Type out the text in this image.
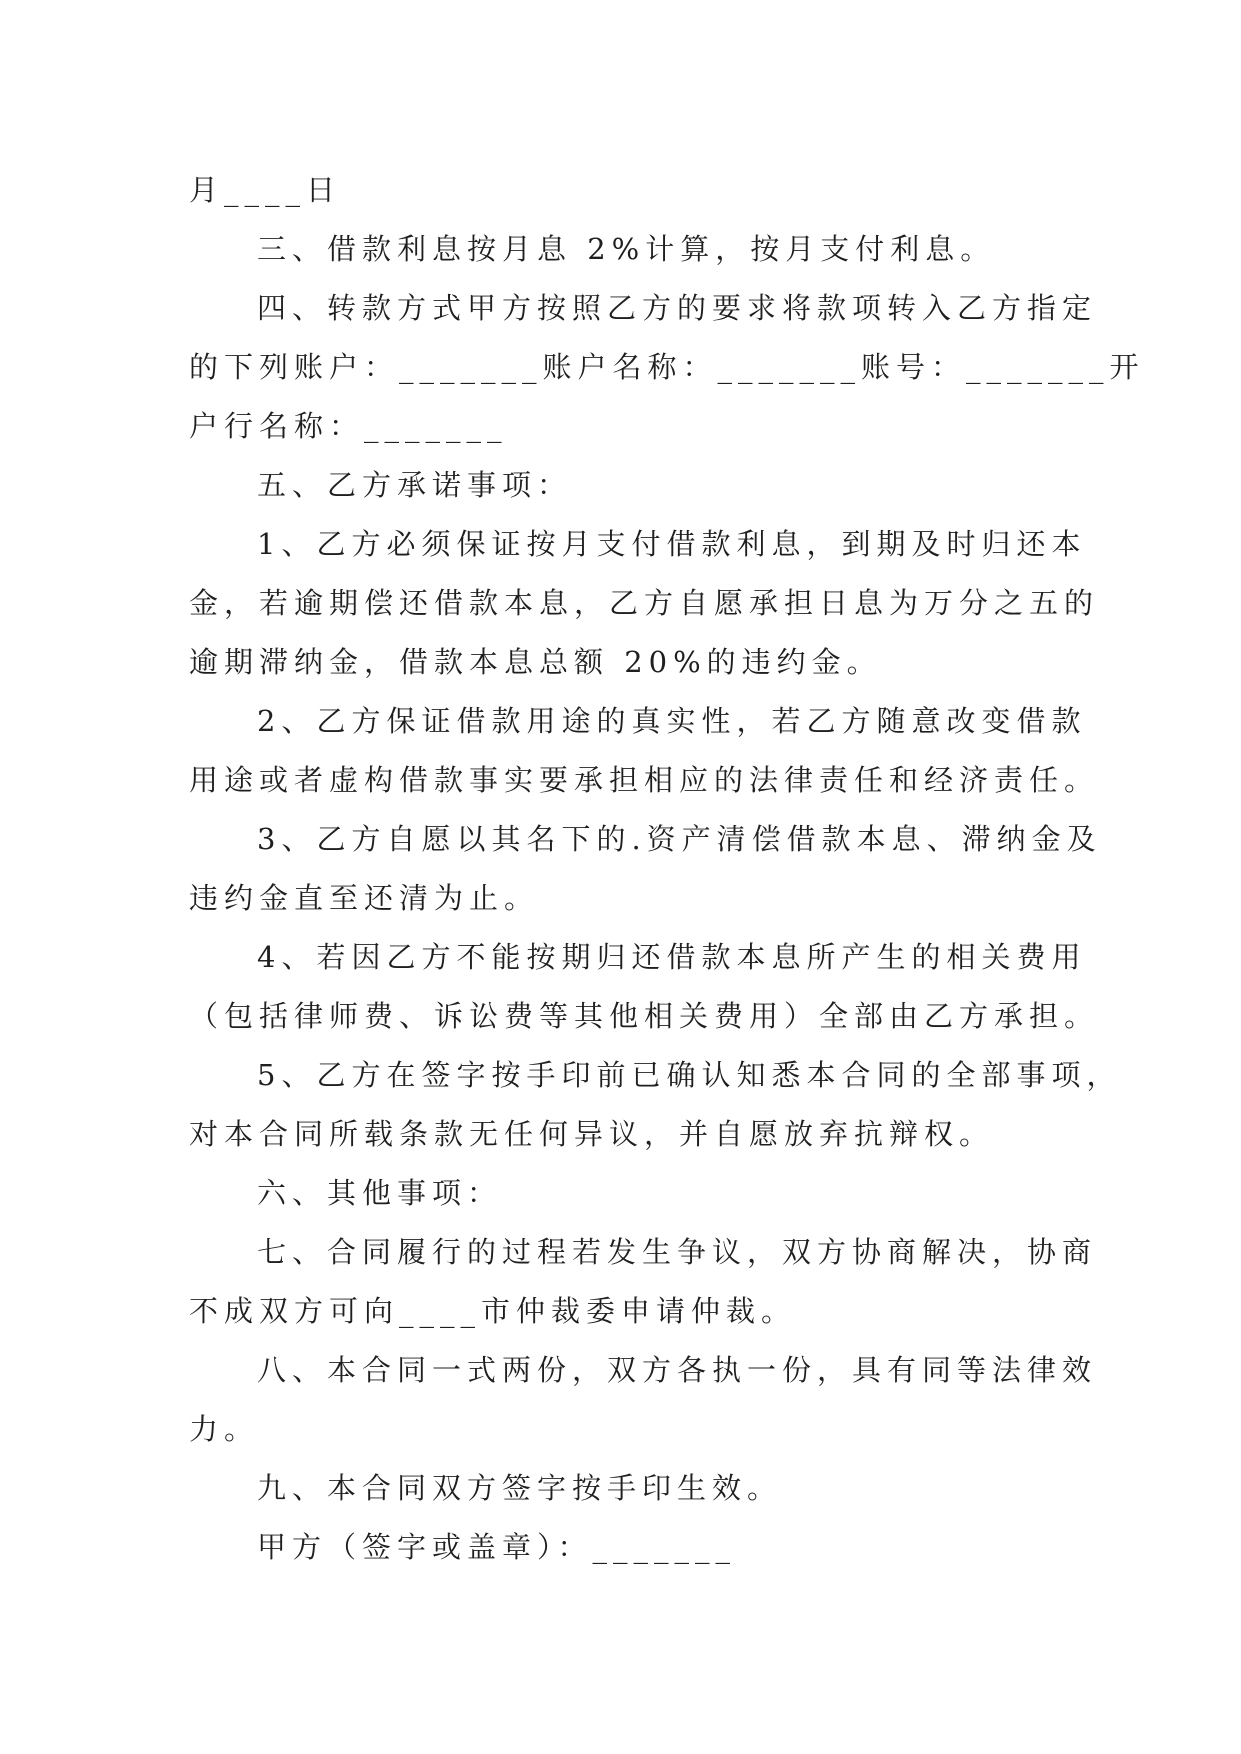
月____日
三、借款利息按月息 2%计算，按月支付利息。
四、转款方式甲方按照乙方的要求将款项转入乙方指定
的下列账户：_______账户名称：_______账号：_______开
户行名称：_______
五、乙方承诺事项：
1、乙方必须保证按月支付借款利息，到期及时归还本
金，若逾期偿还借款本息，乙方自愿承担日息为万分之五的
逾期滞纳金，借款本息总额 20%的违约金。
2、乙方保证借款用途的真实性，若乙方随意改变借款
用途或者虚构借款事实要承担相应的法律责任和经济责任。
3、乙方自愿以其名下的.资产清偿借款本息、滞纳金及
违约金直至还清为止。
4、若因乙方不能按期归还借款本息所产生的相关费用
（包括律师费、诉讼费等其他相关费用）全部由乙方承担。
5、乙方在签字按手印前已确认知悉本合同的全部事项，
对本合同所载条款无任何异议，并自愿放弃抗辩权。
六、其他事项：
七、合同履行的过程若发生争议，双方协商解决，协商
不成双方可向____市仲裁委申请仲裁。
八、本合同一式两份，双方各执一份，具有同等法律效
力。
九、本合同双方签字按手印生效。
甲方（签字或盖章）：_______
